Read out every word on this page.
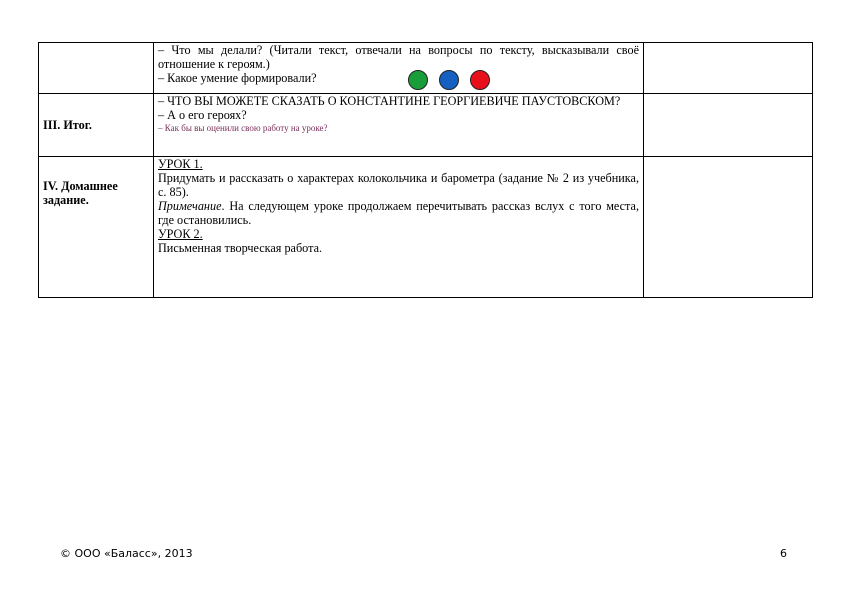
	– Что мы делали? (Читали текст, отвечали на вопросы по тексту, высказывали своё отношение к героям.)
– Какое умение формировали?	

III. Итог.	– ЧТО ВЫ МОЖЕТЕ СКАЗАТЬ О КОНСТАНТИНЕ ГЕОРГИЕВИЧЕ ПАУСТОВСКОМ?
– А о его героях?
– Как бы вы оценили свою работу на уроке?	

IV. Домашнее задание.	УРОК 1.
Придумать и рассказать о характерах колокольчика и барометра (задание № 2 из учебника, с. 85).
Примечание. На следующем уроке продолжаем перечитывать рассказ вслух с того места, где остановились.
УРОК 2.
Письменная творческая работа.	

© ООО «Баласс», 2013	6
